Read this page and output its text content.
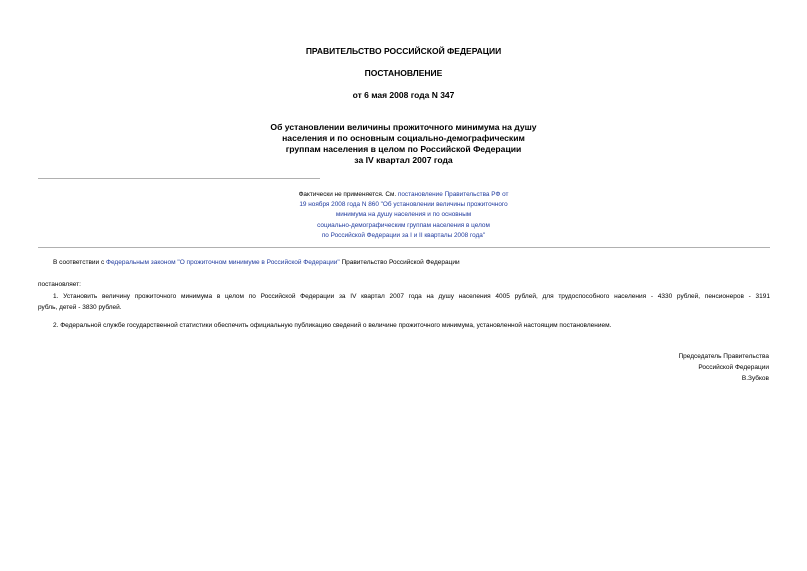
ПРАВИТЕЛЬСТВО РОССИЙСКОЙ ФЕДЕРАЦИИ
ПОСТАНОВЛЕНИЕ
от 6 мая 2008 года N 347
Об установлении величины прожиточного минимума на душу
населения и по основным социально-демографическим
группам населения в целом по Российской Федерации
за IV квартал 2007 года
Фактически не применяется. См. постановление Правительства РФ от
19 ноября 2008 года N 860 "Об установлении величины прожиточного
минимума на душу населения и по основным
социально-демографическим группам населения в целом
по Российской Федерации за I и II кварталы 2008 года"
В соответствии с Федеральным законом "О прожиточном минимуме в Российской Федерации" Правительство Российской Федерации
постановляет:
1. Установить величину прожиточного минимума в целом по Российской Федерации за IV квартал 2007 года на душу населения 4005 рублей, для трудоспособного населения - 4330 рублей, пенсионеров - 3191
рубль, детей - 3830 рублей.
2. Федеральной службе государственной статистики обеспечить официальную публикацию сведений о величине прожиточного минимума, установленной настоящим постановлением.
Председатель Правительства
Российской Федерации
В.Зубков
